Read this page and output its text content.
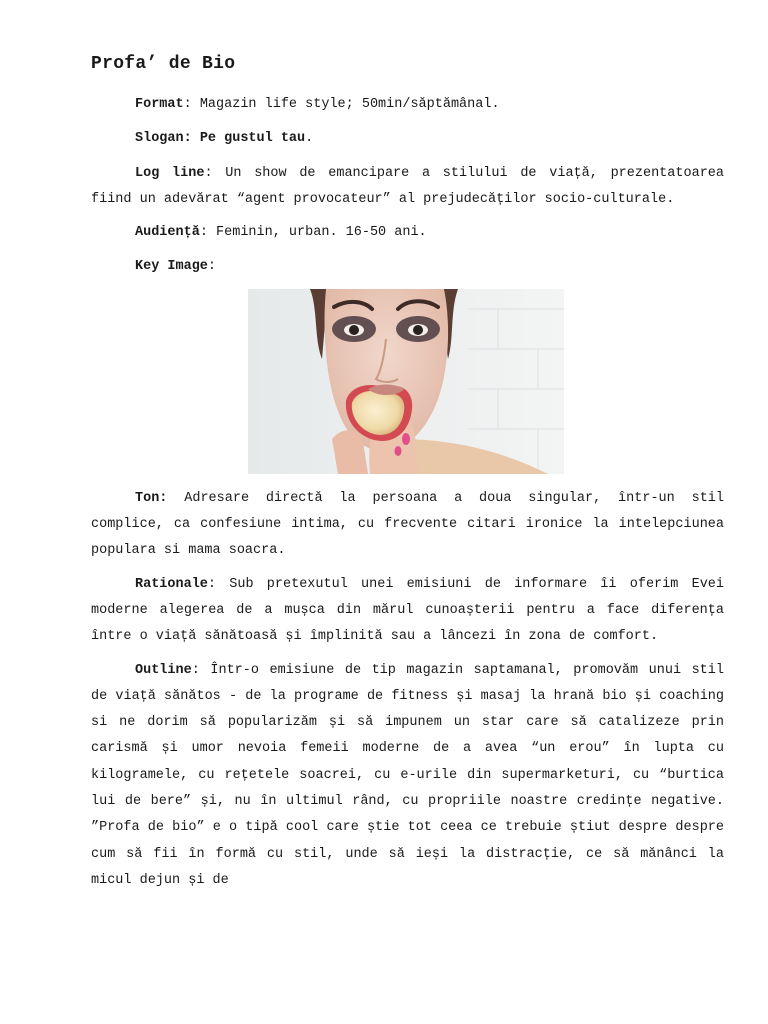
Profa’ de Bio

Format: Magazin life style; 50min/săptămânal.

Slogan: Pe gustul tau.

Log line: Un show de emancipare a stilului de viață, prezentatoarea fiind un adevărat “agent provocateur” al prejudecăților socio-culturale.

Audiență: Feminin, urban. 16-50 ani.

Key Image:

Ton: Adresare directă la persoana a doua singular, într-un stil complice, ca confesiune intima, cu frecvente citari ironice la intelepciunea populara si mama soacra.

Rationale: Sub pretexutul unei emisiuni de informare îi oferim Evei moderne alegerea de a mușca din mărul cunoașterii pentru a face diferența între o viață sănătoasă și împlinită sau a lâncezi în zona de comfort.

Outline: Într-o emisiune de tip magazin saptamanal, promovăm unui stil de viață sănătos - de la programe de fitness și masaj la hrană bio și coaching si ne dorim să popularizăm și să impunem un star care să catalizeze prin carismă și umor nevoia femeii moderne de a avea “un erou” în lupta cu kilogramele, cu rețetele soacrei, cu e-urile din supermarketuri, cu “burtica lui de bere” și, nu în ultimul rând, cu propriile noastre credințe negative. ”Profa de bio” e o tipă cool care știe tot ceea ce trebuie știut despre despre cum să fii în formă cu stil, unde să ieși la distracție, ce să mănânci la micul dejun și de
